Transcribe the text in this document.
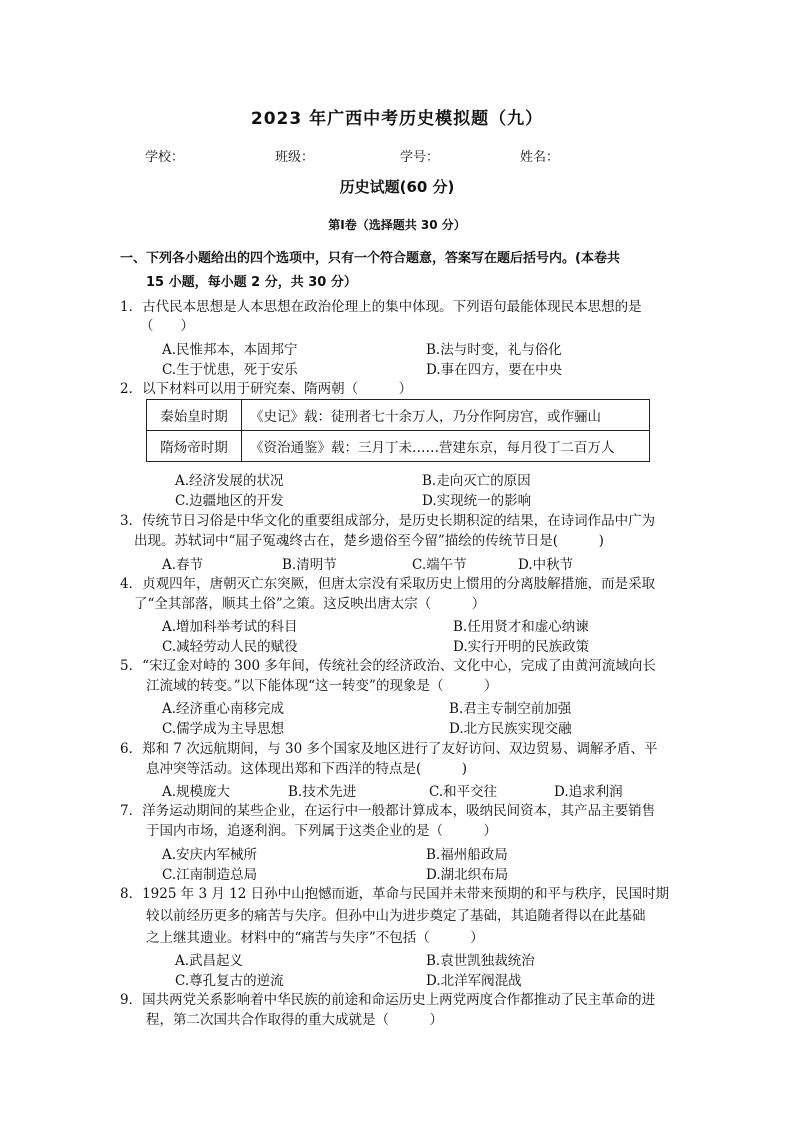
2023 年广西中考历史模拟题（九）
学校：	班级：	学号：	姓名：
历史试题(60 分)
第Ⅰ卷（选择题共 30 分）
一、下列各小题给出的四个选项中，只有一个符合题意，答案写在题后括号内。(本卷共
15 小题，每小题 2 分，共 30 分）
1．古代民本思想是人本思想在政治伦理上的集中体现。下列语句最能体现民本思想的是
（　　）
A.民惟邦本，本固邦宁	B.法与时变，礼与俗化
C.生于忧患，死于安乐	D.事在四方，要在中央
2．以下材料可以用于研究秦、隋两朝（　　　）
秦始皇时期	《史记》载：徒刑者七十余万人，乃分作阿房宫，或作骊山
隋炀帝时期	《资治通鉴》载：三月丁未……营建东京，每月役丁二百万人
A.经济发展的状况	B.走向灭亡的原因
C.边疆地区的开发	D.实现统一的影响
3．传统节日习俗是中华文化的重要组成部分，是历史长期积淀的结果，在诗词作品中广为
出现。苏轼词中“屈子冤魂终古在，楚乡遗俗至今留”描绘的传统节日是(　　　)
A.春节	B.清明节	C.端午节	D.中秋节
4．贞观四年，唐朝灭亡东突厥，但唐太宗没有采取历史上惯用的分离肢解措施，而是采取
了“全其部落，顺其土俗”之策。这反映出唐太宗（　　　）
A.增加科举考试的科目	B.任用贤才和虚心纳谏
C.减轻劳动人民的赋役	D.实行开明的民族政策
5．“宋辽金对峙的 300 多年间，传统社会的经济政治、文化中心，完成了由黄河流域向长
江流域的转变。”以下能体现“这一转变”的现象是（　　　）
A.经济重心南移完成	B.君主专制空前加强
C.儒学成为主导思想	D.北方民族实现交融
6．郑和 7 次远航期间，与 30 多个国家及地区进行了友好访问、双边贸易、调解矛盾、平
息冲突等活动。这体现出郑和下西洋的特点是(　　　)
A.规模庞大	B.技术先进	C.和平交往	D.追求利润
7．洋务运动期间的某些企业，在运行中一般都计算成本，吸纳民间资本，其产品主要销售
于国内市场，追逐利润。下列属于这类企业的是（　　　）
A.安庆内军械所	B.福州船政局
C.江南制造总局	D.湖北织布局
8．1925 年 3 月 12 日孙中山抱憾而逝，革命与民国并未带来预期的和平与秩序，民国时期
较以前经历更多的痛苦与失序。但孙中山为进步奠定了基础，其追随者得以在此基础
之上继其遗业。材料中的“痛苦与失序”不包括（　　　）
A.武昌起义	B.袁世凯独裁统治
C.尊孔复古的逆流	D.北洋军阀混战
9．国共两党关系影响着中华民族的前途和命运历史上两党两度合作都推动了民主革命的进
程，第二次国共合作取得的重大成就是（　　　）
